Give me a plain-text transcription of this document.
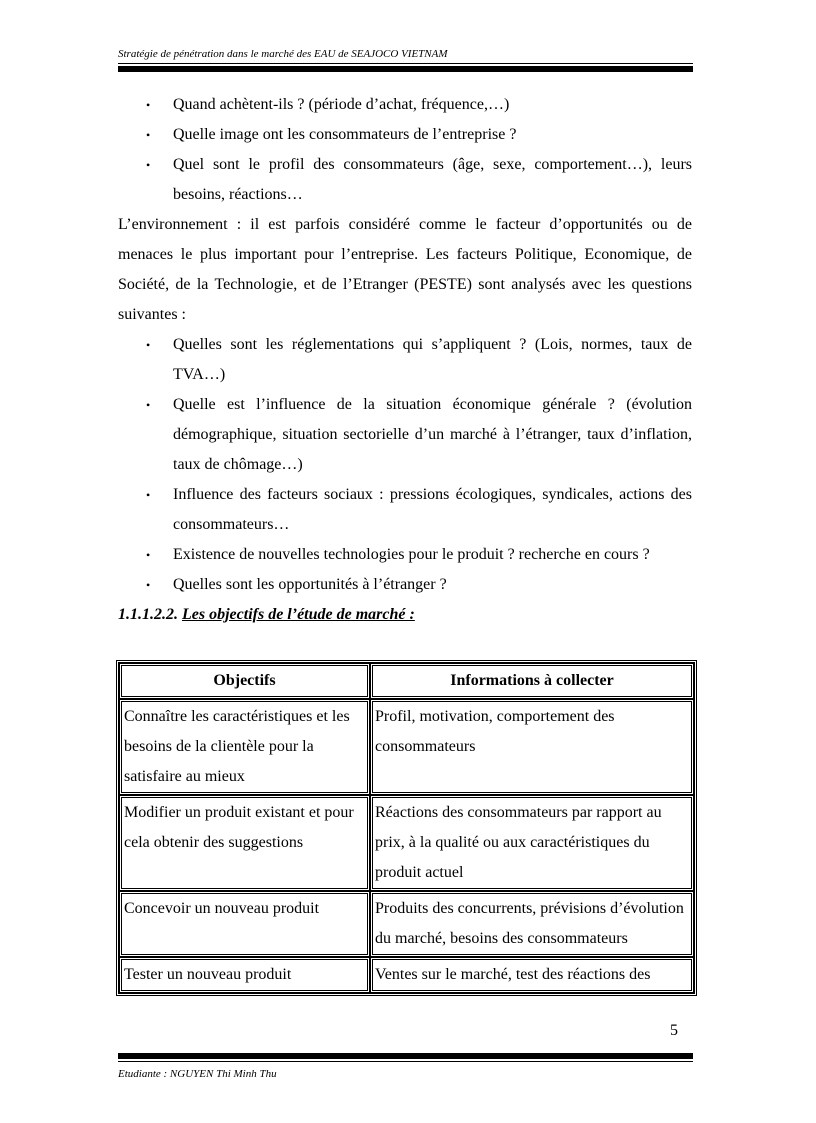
Stratégie de pénétration dans le marché des EAU de SEAJOCO VIETNAM
• Quand achètent-ils ? (période d’achat, fréquence,…)
• Quelle image ont les consommateurs de l’entreprise ?
• Quel sont le profil des consommateurs (âge, sexe, comportement…), leurs besoins, réactions…
L’environnement : il est parfois considéré comme le facteur d’opportunités ou de menaces le plus important pour l’entreprise. Les facteurs Politique, Economique, de Société, de la Technologie, et de l’Etranger (PESTE) sont analysés avec les questions suivantes :
• Quelles sont les réglementations qui s’appliquent ? (Lois, normes, taux de TVA…)
• Quelle est l’influence de la situation économique générale ? (évolution démographique, situation sectorielle d’un marché à l’étranger, taux d’inflation, taux de chômage…)
• Influence des facteurs sociaux : pressions écologiques, syndicales, actions des consommateurs…
• Existence de nouvelles technologies pour le produit ? recherche en cours ?
• Quelles sont les opportunités à l’étranger ?
1.1.1.2.2. Les objectifs de l’étude de marché :
Objectifs	Informations à collecter
Connaître les caractéristiques et les besoins de la clientèle pour la satisfaire au mieux	Profil, motivation, comportement des consommateurs
Modifier un produit existant et pour cela obtenir des suggestions	Réactions des consommateurs par rapport au prix, à la qualité ou aux caractéristiques du produit actuel
Concevoir un nouveau produit	Produits des concurrents, prévisions d’évolution du marché, besoins des consommateurs
Tester un nouveau produit	Ventes sur le marché, test des réactions des
5
Etudiante : NGUYEN Thi Minh Thu
